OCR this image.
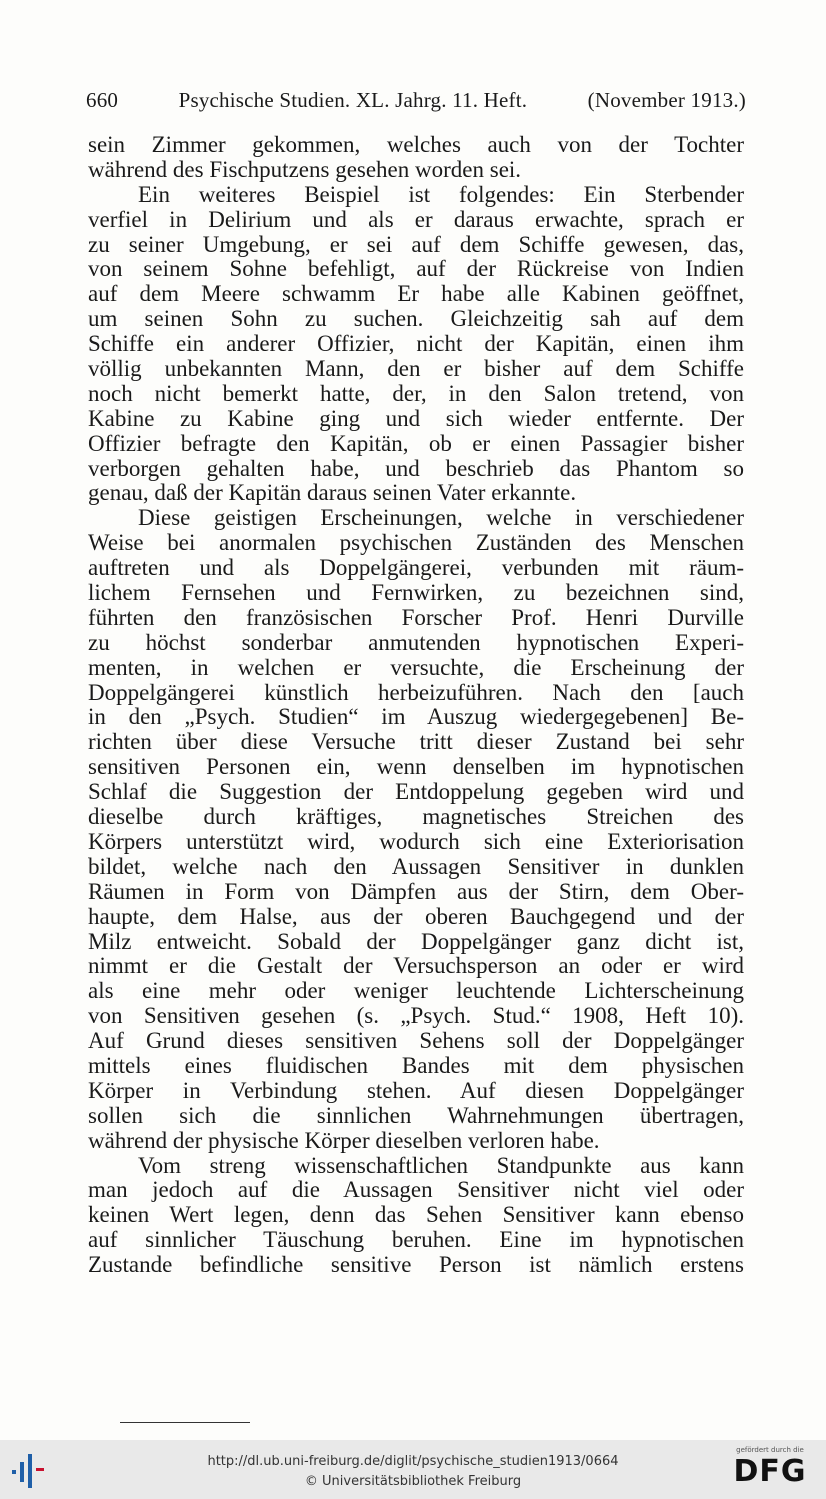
660	Psychische Studien. XL. Jahrg. 11. Heft.	(November 1913.)
sein Zimmer gekommen, welches auch von der Tochter
während des Fischputzens gesehen worden sei.
Ein weiteres Beispiel ist folgendes: Ein Sterbender
verfiel in Delirium und als er daraus erwachte, sprach er
zu seiner Umgebung, er sei auf dem Schiffe gewesen, das,
von seinem Sohne befehligt, auf der Rückreise von Indien
auf dem Meere schwamm Er habe alle Kabinen geöffnet,
um seinen Sohn zu suchen. Gleichzeitig sah auf dem
Schiffe ein anderer Offizier, nicht der Kapitän, einen ihm
völlig unbekannten Mann, den er bisher auf dem Schiffe
noch nicht bemerkt hatte, der, in den Salon tretend, von
Kabine zu Kabine ging und sich wieder entfernte. Der
Offizier befragte den Kapitän, ob er einen Passagier bisher
verborgen gehalten habe, und beschrieb das Phantom so
genau, daß der Kapitän daraus seinen Vater erkannte.
Diese geistigen Erscheinungen, welche in verschiedener
Weise bei anormalen psychischen Zuständen des Menschen
auftreten und als Doppelgängerei, verbunden mit räum-
lichem Fernsehen und Fernwirken, zu bezeichnen sind,
führten den französischen Forscher Prof. Henri Durville
zu höchst sonderbar anmutenden hypnotischen Experi-
menten, in welchen er versuchte, die Erscheinung der
Doppelgängerei künstlich herbeizuführen. Nach den [auch
in den „Psych. Studien“ im Auszug wiedergegebenen] Be-
richten über diese Versuche tritt dieser Zustand bei sehr
sensitiven Personen ein, wenn denselben im hypnotischen
Schlaf die Suggestion der Entdoppelung gegeben wird und
dieselbe durch kräftiges, magnetisches Streichen des
Körpers unterstützt wird, wodurch sich eine Exteriorisation
bildet, welche nach den Aussagen Sensitiver in dunklen
Räumen in Form von Dämpfen aus der Stirn, dem Ober-
haupte, dem Halse, aus der oberen Bauchgegend und der
Milz entweicht. Sobald der Doppelgänger ganz dicht ist,
nimmt er die Gestalt der Versuchsperson an oder er wird
als eine mehr oder weniger leuchtende Lichterscheinung
von Sensitiven gesehen (s. „Psych. Stud.“ 1908, Heft 10).
Auf Grund dieses sensitiven Sehens soll der Doppelgänger
mittels eines fluidischen Bandes mit dem physischen
Körper in Verbindung stehen. Auf diesen Doppelgänger
sollen sich die sinnlichen Wahrnehmungen übertragen,
während der physische Körper dieselben verloren habe.
Vom streng wissenschaftlichen Standpunkte aus kann
man jedoch auf die Aussagen Sensitiver nicht viel oder
keinen Wert legen, denn das Sehen Sensitiver kann ebenso
auf sinnlicher Täuschung beruhen. Eine im hypnotischen
Zustande befindliche sensitive Person ist nämlich erstens
http://dl.ub.uni-freiburg.de/diglit/psychische_studien1913/0664
© Universitätsbibliothek Freiburg
gefördert durch die
DFG
